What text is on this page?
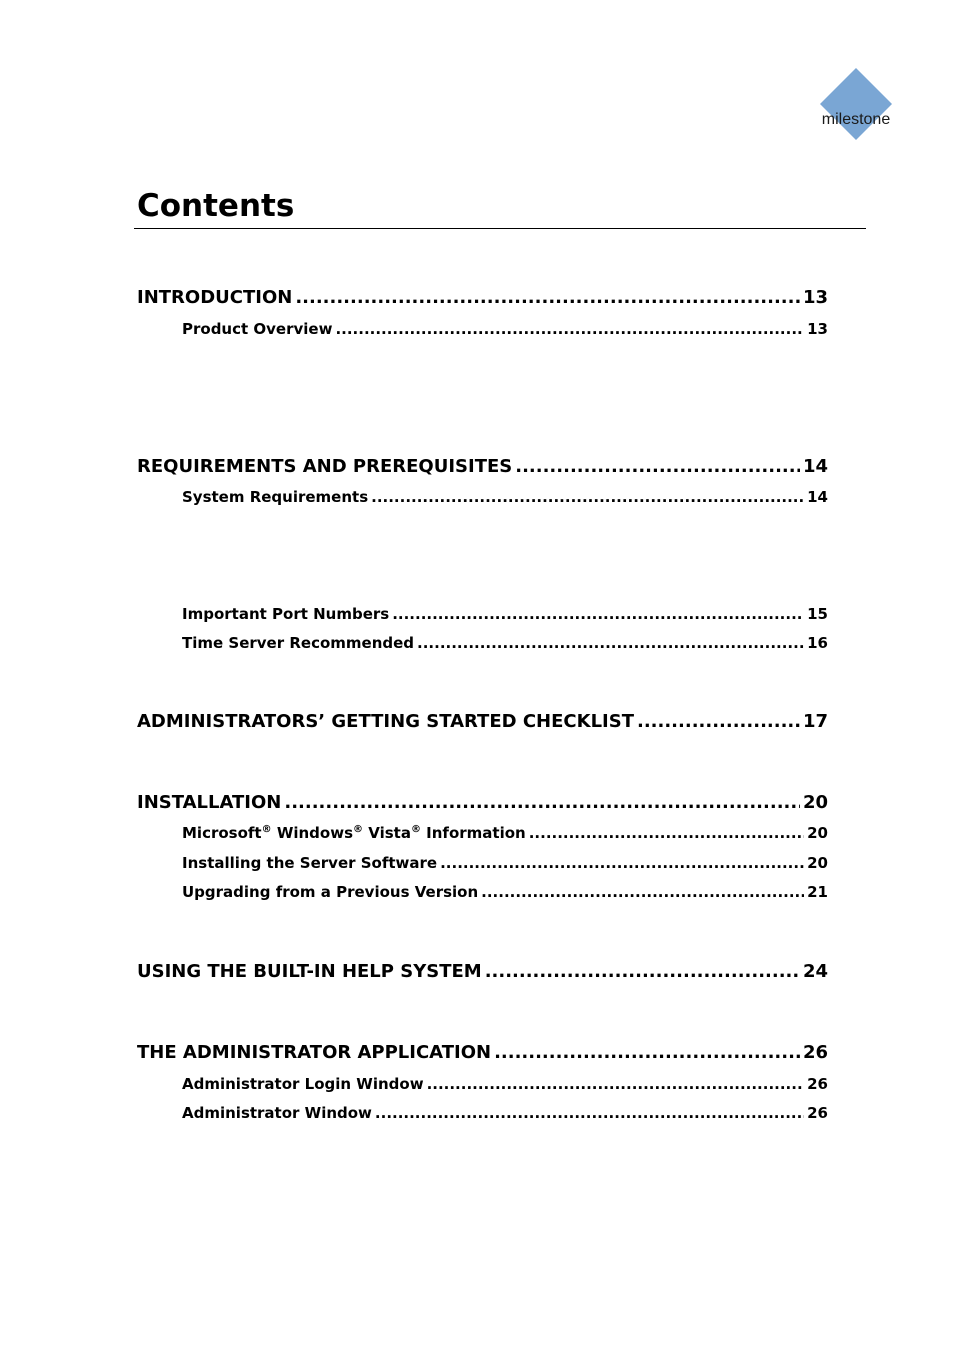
milestone
Contents
INTRODUCTION .....	13
Product Overview .....	13
REQUIREMENTS AND PREREQUISITES .....	14
System Requirements .....	14
Important Port Numbers .....	15
Time Server Recommended .....	16
ADMINISTRATORS’ GETTING STARTED CHECKLIST .....	17
INSTALLATION .....	20
Microsoft® Windows® Vista® Information .....	20
Installing the Server Software .....	20
Upgrading from a Previous Version .....	21
USING THE BUILT-IN HELP SYSTEM .....	24
THE ADMINISTRATOR APPLICATION .....	26
Administrator Login Window .....	26
Administrator Window .....	26
